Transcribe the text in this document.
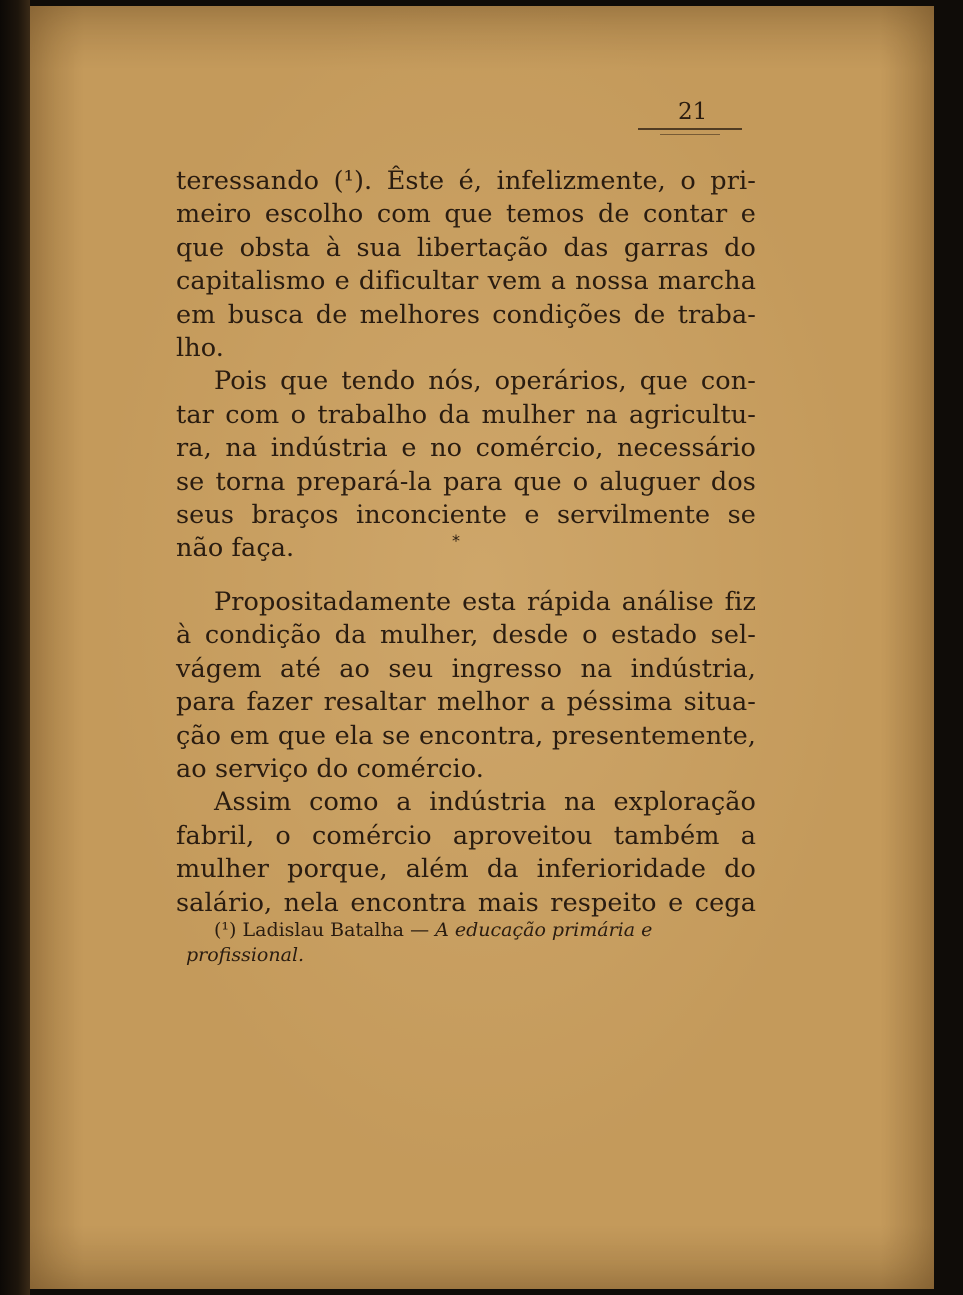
21
teressando (¹). Êste é, infelizmente, o pri-
meiro escolho com que temos de contar e
que obsta à sua libertação das garras do
capitalismo e dificultar vem a nossa marcha
em busca de melhores condições de traba-
lho.
Pois que tendo nós, operários, que con-
tar com o trabalho da mulher na agricultu-
ra, na indústria e no comércio, necessário
se torna prepará-la para que o aluguer dos
seus braços inconciente e servilmente se
não faça.	*
Propositadamente esta rápida análise fiz
à condição da mulher, desde o estado sel-
vágem até ao seu ingresso na indústria,
para fazer resaltar melhor a péssima situa-
ção em que ela se encontra, presentemente,
ao serviço do comércio.
Assim como a indústria na exploração
fabril, o comércio aproveitou também a
mulher porque, além da inferioridade do
salário, nela encontra mais respeito e cega
(¹) Ladislau Batalha — A educação primária e
profissional.
